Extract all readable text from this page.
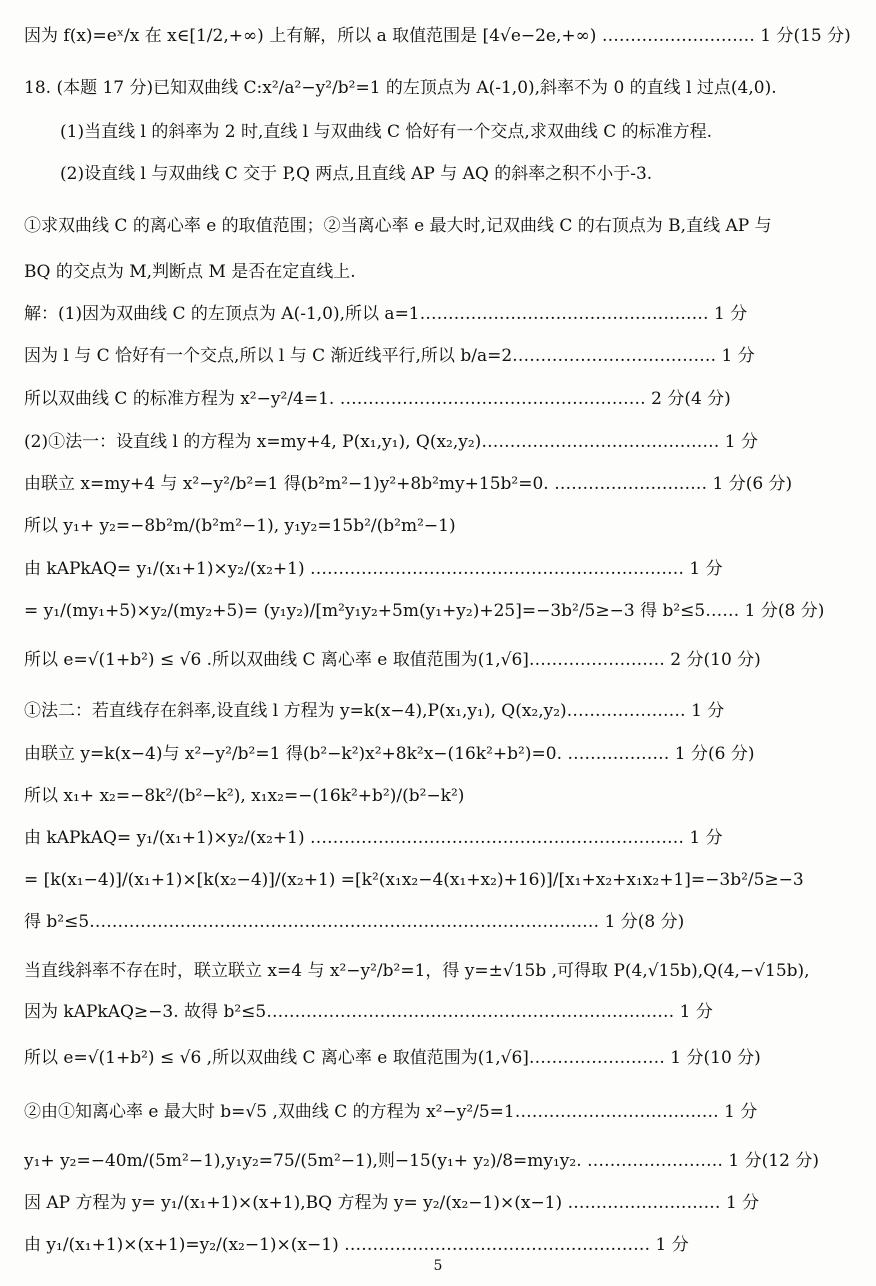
因为 f(x)=eˣ/x 在 x∈[1/2,+∞) 上有解，所以 a 取值范围是 [4√e−2e,+∞) ……………………… 1 分(15 分)
18. (本题 17 分)已知双曲线 C:x²/a²−y²/b²=1 的左顶点为 A(-1,0),斜率不为 0 的直线 l 过点(4,0).
(1)当直线 l 的斜率为 2 时,直线 l 与双曲线 C 恰好有一个交点,求双曲线 C 的标准方程.
(2)设直线 l 与双曲线 C 交于 P,Q 两点,且直线 AP 与 AQ 的斜率之积不小于-3.
①求双曲线 C 的离心率 e 的取值范围；②当离心率 e 最大时,记双曲线 C 的右顶点为 B,直线 AP 与
BQ 的交点为 M,判断点 M 是否在定直线上.
解：(1)因为双曲线 C 的左顶点为 A(-1,0),所以 a=1…………………………………………… 1 分
因为 l 与 C 恰好有一个交点,所以 l 与 C 渐近线平行,所以 b/a=2……………………………… 1 分
所以双曲线 C 的标准方程为 x²−y²/4=1. ……………………………………………… 2 分(4 分)
(2)①法一：设直线 l 的方程为 x=my+4, P(x₁,y₁), Q(x₂,y₂)…………………………………… 1 分
由联立 x=my+4 与 x²−y²/b²=1 得(b²m²−1)y²+8b²my+15b²=0. ……………………… 1 分(6 分)
所以 y₁+ y₂=−8b²m/(b²m²−1), y₁y₂=15b²/(b²m²−1)
由 kAPkAQ= y₁/(x₁+1)×y₂/(x₂+1) ………………………………………………………… 1 分
= y₁/(my₁+5)×y₂/(my₂+5)= (y₁y₂)/[m²y₁y₂+5m(y₁+y₂)+25]=−3b²/5≥−3 得 b²≤5…… 1 分(8 分)
所以 e=√(1+b²) ≤ √6 .所以双曲线 C 离心率 e 取值范围为(1,√6]…………………… 2 分(10 分)
①法二：若直线存在斜率,设直线 l 方程为 y=k(x−4),P(x₁,y₁), Q(x₂,y₂)………………… 1 分
由联立 y=k(x−4)与 x²−y²/b²=1 得(b²−k²)x²+8k²x−(16k²+b²)=0. ……………… 1 分(6 分)
所以 x₁+ x₂=−8k²/(b²−k²), x₁x₂=−(16k²+b²)/(b²−k²)
由 kAPkAQ= y₁/(x₁+1)×y₂/(x₂+1) ………………………………………………………… 1 分
= [k(x₁−4)]/(x₁+1)×[k(x₂−4)]/(x₂+1) =[k²(x₁x₂−4(x₁+x₂)+16)]/[x₁+x₂+x₁x₂+1]=−3b²/5≥−3
得 b²≤5……………………………………………………………………………… 1 分(8 分)
当直线斜率不存在时，联立联立 x=4 与 x²−y²/b²=1，得 y=±√15b ,可得取 P(4,√15b),Q(4,−√15b),
因为 kAPkAQ≥−3. 故得 b²≤5……………………………………………………………… 1 分
所以 e=√(1+b²) ≤ √6 ,所以双曲线 C 离心率 e 取值范围为(1,√6]…………………… 1 分(10 分)
②由①知离心率 e 最大时 b=√5 ,双曲线 C 的方程为 x²−y²/5=1……………………………… 1 分
y₁+ y₂=−40m/(5m²−1),y₁y₂=75/(5m²−1),则−15(y₁+ y₂)/8=my₁y₂. …………………… 1 分(12 分)
因 AP 方程为 y= y₁/(x₁+1)×(x+1),BQ 方程为 y= y₂/(x₂−1)×(x−1) ……………………… 1 分
由 y₁/(x₁+1)×(x+1)=y₂/(x₂−1)×(x−1) ……………………………………………… 1 分
5
